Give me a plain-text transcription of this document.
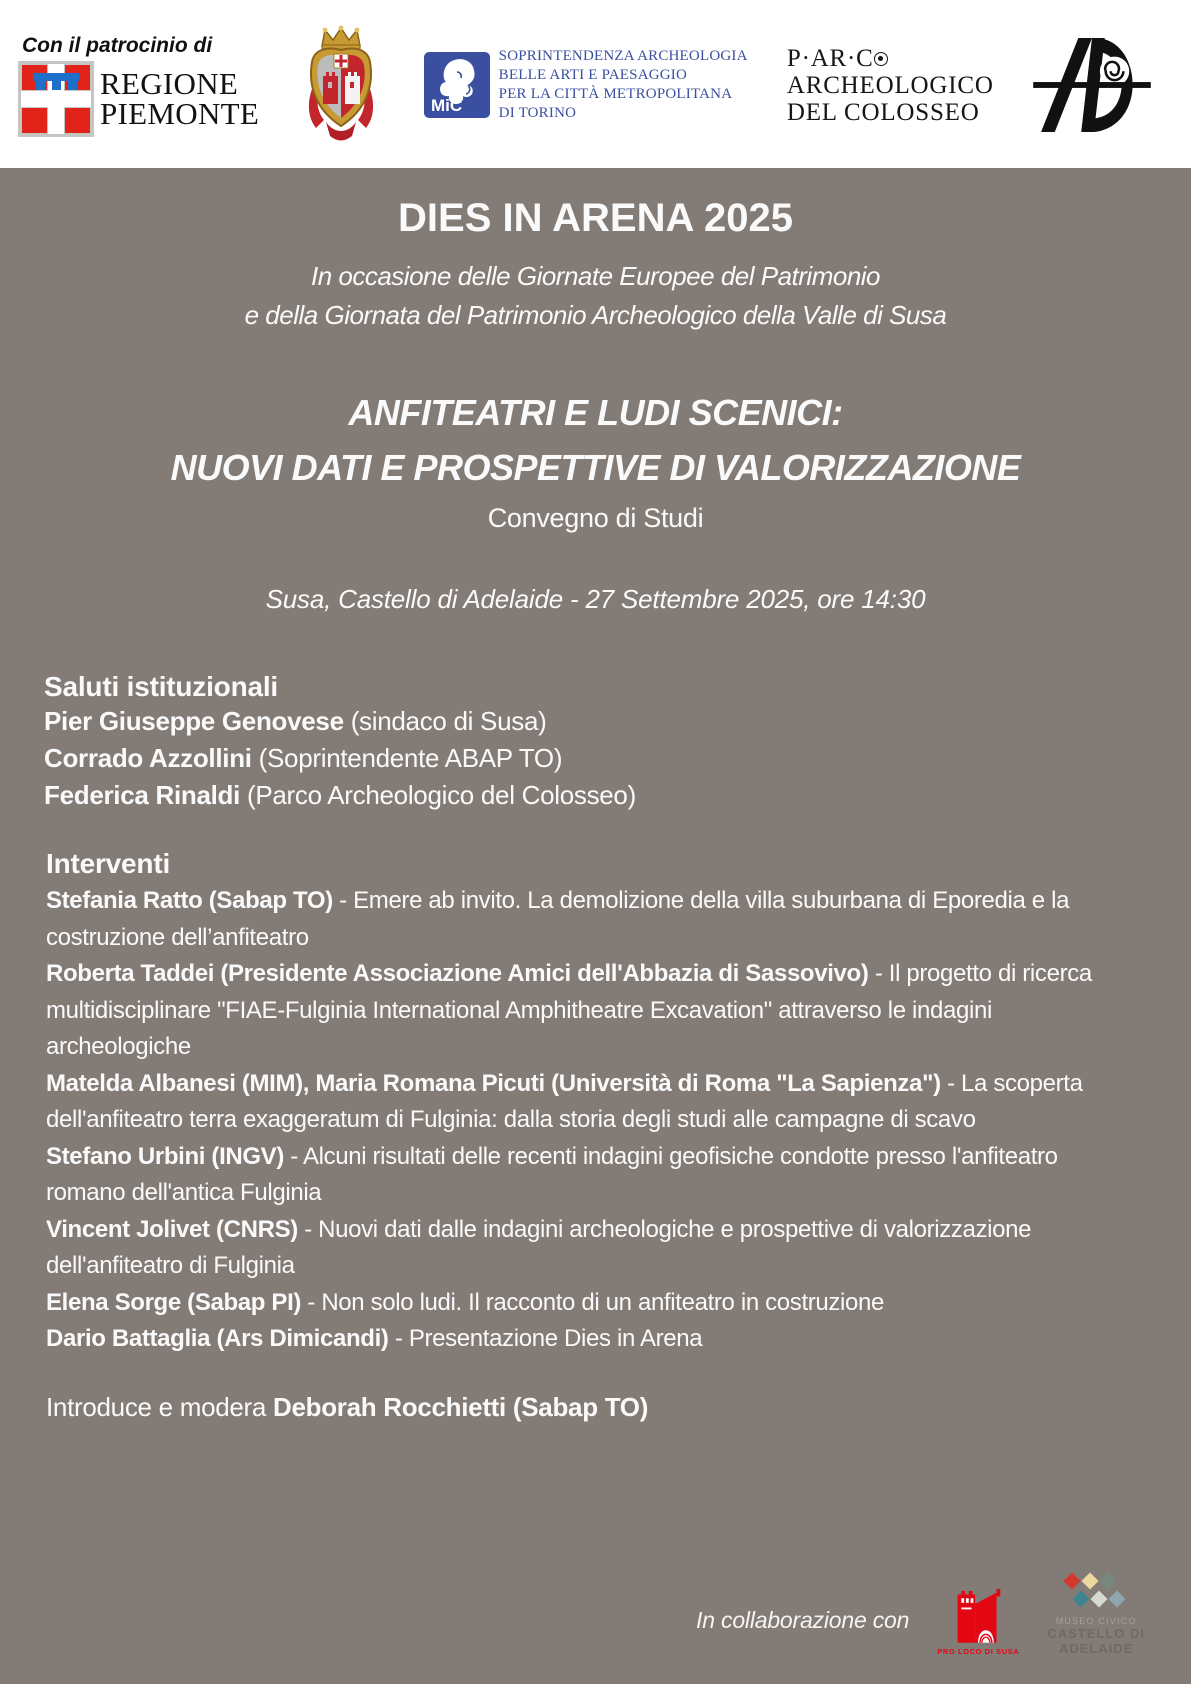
Con il patrocinio di
REGIONE
PIEMONTE	MiC
SOPRINTENDENZA ARCHEOLOGIA
BELLE ARTI E PAESAGGIO
PER LA CITTÀ METROPOLITANA
DI TORINO
P·AR·C
ARCHEOLOGICO
DEL COLOSSEO
DIES IN ARENA 2025
In occasione delle Giornate Europee del Patrimonio
e della Giornata del Patrimonio Archeologico della Valle di Susa
ANFITEATRI E LUDI SCENICI:
NUOVI DATI E PROSPETTIVE DI VALORIZZAZIONE
Convegno di Studi
Susa, Castello di Adelaide - 27 Settembre 2025, ore 14:30
Saluti istituzionali

Pier Giuseppe Genovese (sindaco di Susa)

Corrado Azzollini (Soprintendente ABAP TO)

Federica Rinaldi (Parco Archeologico del Colosseo)

Interventi

Stefania Ratto (Sabap TO) - Emere ab invito. La demolizione della villa suburbana di Eporedia e la costruzione dell’anfiteatro

Roberta Taddei (Presidente Associazione Amici dell'Abbazia di Sassovivo) - Il progetto di ricerca multidisciplinare "FIAE-Fulginia International Amphitheatre Excavation" attraverso le indagini archeologiche

Matelda Albanesi (MIM), Maria Romana Picuti (Università di Roma "La Sapienza") - La scoperta dell'anfiteatro terra exaggeratum di Fulginia: dalla storia degli studi alle campagne di scavo

Stefano Urbini (INGV) - Alcuni risultati delle recenti indagini geofisiche condotte presso l'anfiteatro romano dell'antica Fulginia

Vincent Jolivet (CNRS) - Nuovi dati dalle indagini archeologiche e prospettive di valorizzazione dell'anfiteatro di Fulginia

Elena Sorge (Sabap PI) - Non solo ludi. Il racconto di un anfiteatro in costruzione

Dario Battaglia (Ars Dimicandi) - Presentazione Dies in Arena

Introduce e modera Deborah Rocchietti (Sabap TO)
In collaborazione con
PRO LOCO DI SUSA
MUSEO CIVICO
CASTELLO DI
ADELAIDE
